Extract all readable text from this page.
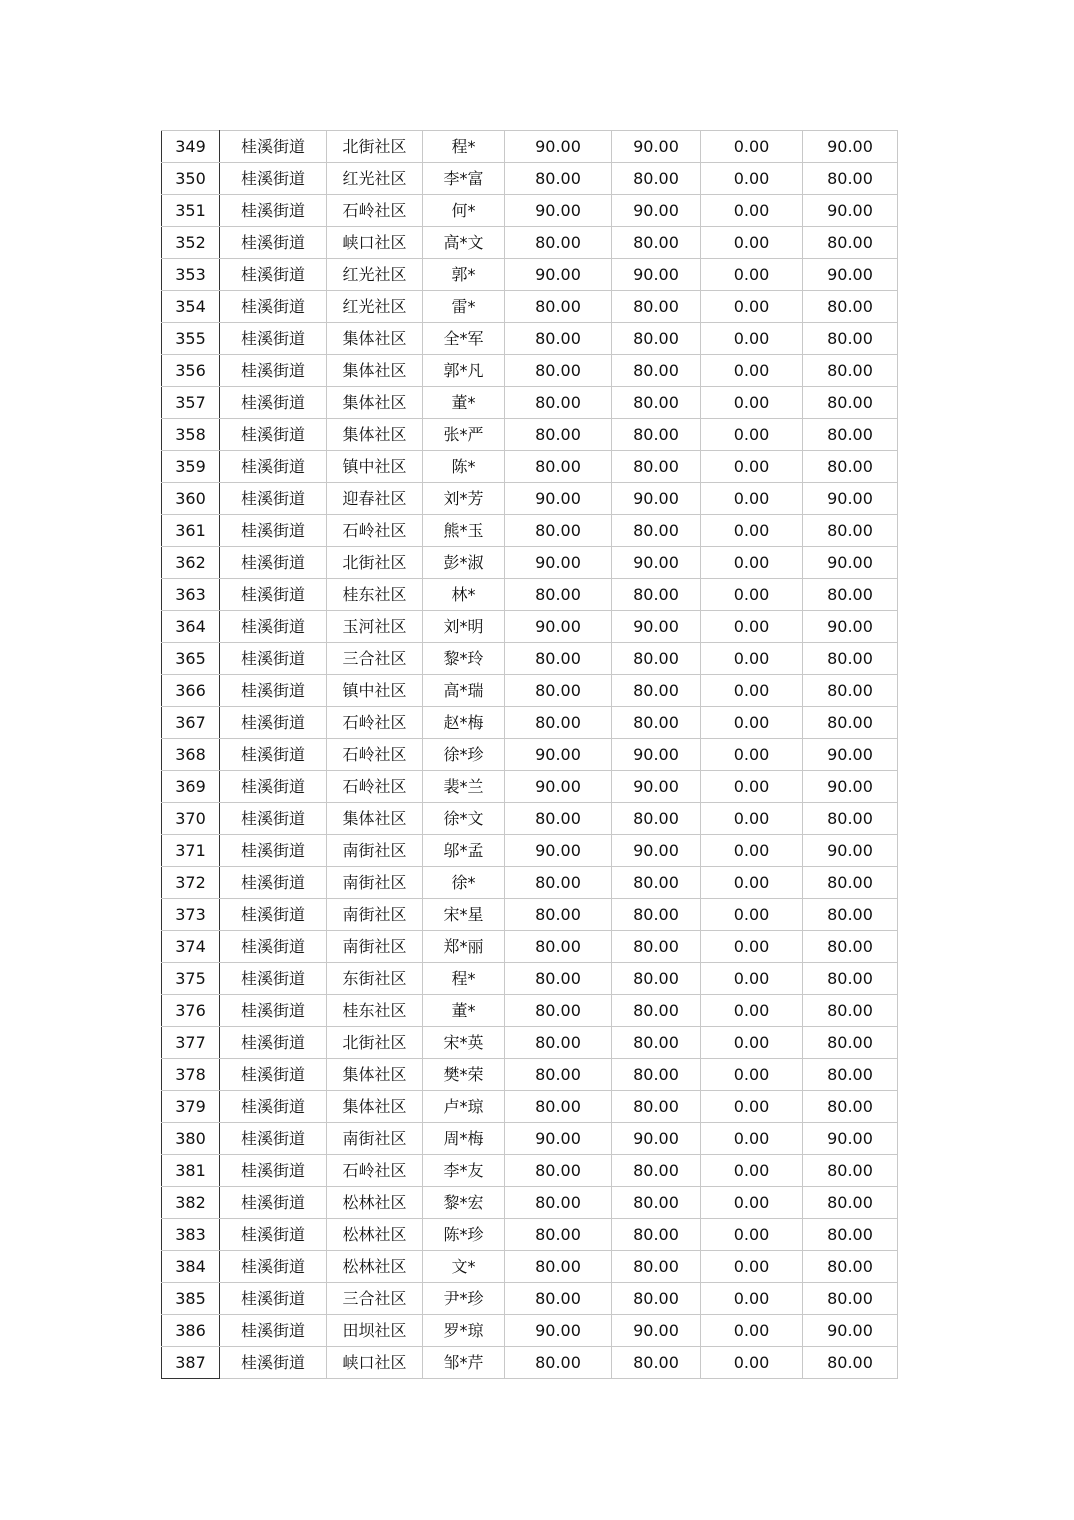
349	桂溪街道	北街社区	程*	90.00	90.00	0.00	90.00
350	桂溪街道	红光社区	李*富	80.00	80.00	0.00	80.00
351	桂溪街道	石岭社区	何*	90.00	90.00	0.00	90.00
352	桂溪街道	峡口社区	高*文	80.00	80.00	0.00	80.00
353	桂溪街道	红光社区	郭*	90.00	90.00	0.00	90.00
354	桂溪街道	红光社区	雷*	80.00	80.00	0.00	80.00
355	桂溪街道	集体社区	全*军	80.00	80.00	0.00	80.00
356	桂溪街道	集体社区	郭*凡	80.00	80.00	0.00	80.00
357	桂溪街道	集体社区	董*	80.00	80.00	0.00	80.00
358	桂溪街道	集体社区	张*严	80.00	80.00	0.00	80.00
359	桂溪街道	镇中社区	陈*	80.00	80.00	0.00	80.00
360	桂溪街道	迎春社区	刘*芳	90.00	90.00	0.00	90.00
361	桂溪街道	石岭社区	熊*玉	80.00	80.00	0.00	80.00
362	桂溪街道	北街社区	彭*淑	90.00	90.00	0.00	90.00
363	桂溪街道	桂东社区	林*	80.00	80.00	0.00	80.00
364	桂溪街道	玉河社区	刘*明	90.00	90.00	0.00	90.00
365	桂溪街道	三合社区	黎*玲	80.00	80.00	0.00	80.00
366	桂溪街道	镇中社区	高*瑞	80.00	80.00	0.00	80.00
367	桂溪街道	石岭社区	赵*梅	80.00	80.00	0.00	80.00
368	桂溪街道	石岭社区	徐*珍	90.00	90.00	0.00	90.00
369	桂溪街道	石岭社区	裴*兰	90.00	90.00	0.00	90.00
370	桂溪街道	集体社区	徐*文	80.00	80.00	0.00	80.00
371	桂溪街道	南街社区	邬*孟	90.00	90.00	0.00	90.00
372	桂溪街道	南街社区	徐*	80.00	80.00	0.00	80.00
373	桂溪街道	南街社区	宋*星	80.00	80.00	0.00	80.00
374	桂溪街道	南街社区	郑*丽	80.00	80.00	0.00	80.00
375	桂溪街道	东街社区	程*	80.00	80.00	0.00	80.00
376	桂溪街道	桂东社区	董*	80.00	80.00	0.00	80.00
377	桂溪街道	北街社区	宋*英	80.00	80.00	0.00	80.00
378	桂溪街道	集体社区	樊*荣	80.00	80.00	0.00	80.00
379	桂溪街道	集体社区	卢*琼	80.00	80.00	0.00	80.00
380	桂溪街道	南街社区	周*梅	90.00	90.00	0.00	90.00
381	桂溪街道	石岭社区	李*友	80.00	80.00	0.00	80.00
382	桂溪街道	松林社区	黎*宏	80.00	80.00	0.00	80.00
383	桂溪街道	松林社区	陈*珍	80.00	80.00	0.00	80.00
384	桂溪街道	松林社区	文*	80.00	80.00	0.00	80.00
385	桂溪街道	三合社区	尹*珍	80.00	80.00	0.00	80.00
386	桂溪街道	田坝社区	罗*琼	90.00	90.00	0.00	90.00
387	桂溪街道	峡口社区	邹*芹	80.00	80.00	0.00	80.00
